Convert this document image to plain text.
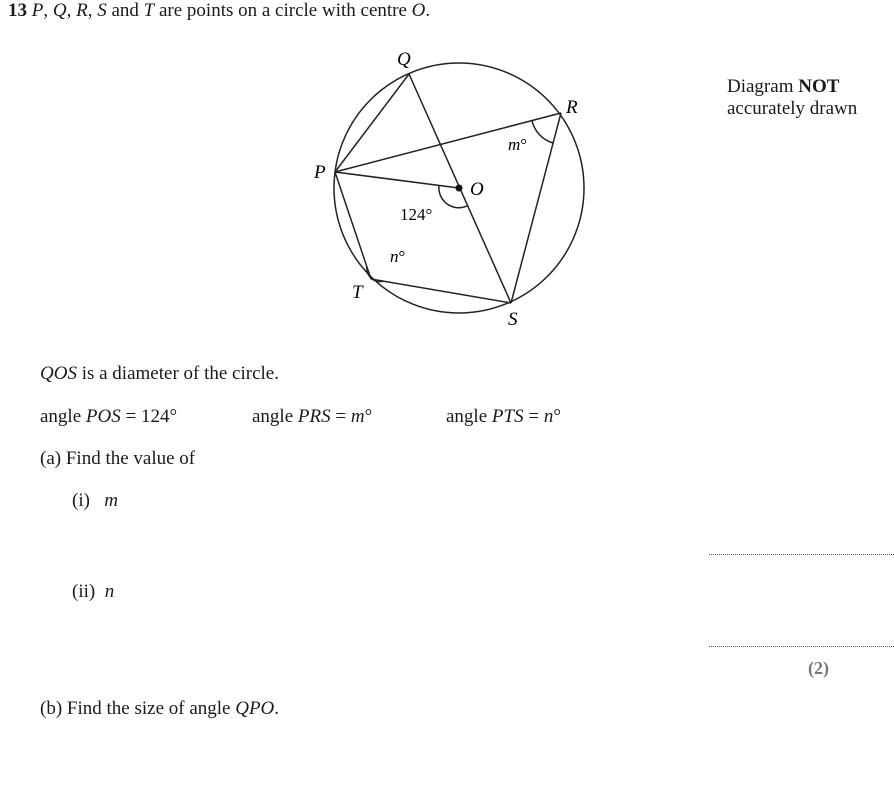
13 P, Q, R, S and T are points on a circle with centre O.
Q
R
P
O
T
S
m°
n°
124°
Diagram NOT
accurately drawn
QOS is a diameter of the circle.
angle POS = 124°	angle PRS = m°	angle PTS = n°
(a) Find the value of
(i) m
(ii) n
(2)
(b) Find the size of angle QPO.
